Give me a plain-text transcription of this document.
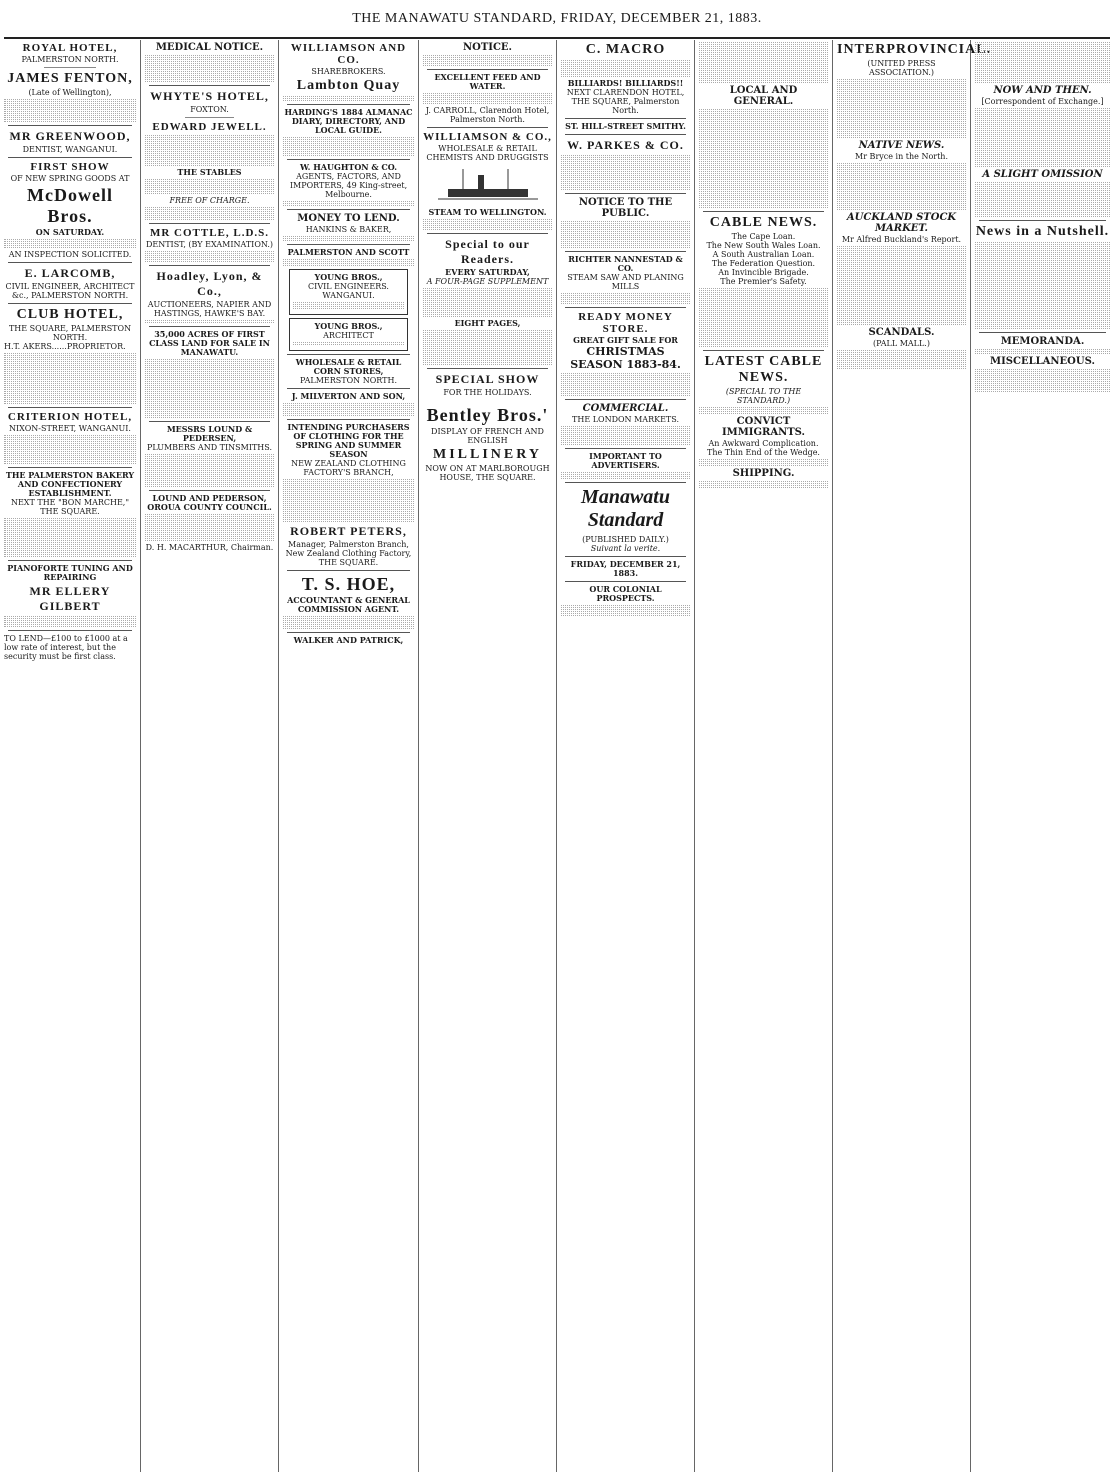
THE MANAWATU STANDARD, FRIDAY, DECEMBER 21, 1883.
ROYAL HOTEL,
PALMERSTON NORTH.
JAMES FENTON,
(Late of Wellington),
MR GREENWOOD,
DENTIST, WANGANUI.
FIRST SHOW
OF NEW SPRING GOODS AT
McDowell Bros.
ON SATURDAY.
AN INSPECTION SOLICITED.
E. LARCOMB,
CIVIL ENGINEER, ARCHITECT &c., PALMERSTON NORTH.
CLUB HOTEL,
THE SQUARE, PALMERSTON NORTH.
H.T. AKERS......PROPRIETOR.
CRITERION HOTEL,
NIXON-STREET, WANGANUI.
THE PALMERSTON BAKERY AND CONFECTIONERY ESTABLISHMENT.
NEXT THE "BON MARCHE," THE SQUARE.
PIANOFORTE TUNING AND REPAIRING
MR ELLERY GILBERT
TO LEND—£100 to £1000 at a low rate of interest, but the security must be first class.
MEDICAL NOTICE.
WHYTE'S HOTEL,
FOXTON.
EDWARD JEWELL.
THE STABLES
FREE OF CHARGE.
MR COTTLE, L.D.S.
DENTIST, (BY EXAMINATION.)
Hoadley, Lyon, & Co.,
AUCTIONEERS, NAPIER AND HASTINGS, HAWKE'S BAY.
35,000 ACRES OF FIRST CLASS LAND FOR SALE IN MANAWATU.
MESSRS LOUND & PEDERSEN,
PLUMBERS AND TINSMITHS.
LOUND AND PEDERSON,
OROUA COUNTY COUNCIL.
D. H. MACARTHUR, Chairman.
WILLIAMSON AND CO.
SHAREBROKERS.
Lambton Quay
HARDING'S 1884 ALMANAC DIARY, DIRECTORY, AND LOCAL GUIDE.
W. HAUGHTON & CO.
AGENTS, FACTORS, AND IMPORTERS, 49 King-street, Melbourne.
MONEY TO LEND.
HANKINS & BAKER,
PALMERSTON AND SCOTT
YOUNG BROS.,
CIVIL ENGINEERS. WANGANUI.
YOUNG BROS.,
ARCHITECT
WHOLESALE & RETAIL CORN STORES,
PALMERSTON NORTH.
J. MILVERTON AND SON,
INTENDING PURCHASERS OF CLOTHING FOR THE SPRING AND SUMMER SEASON
NEW ZEALAND CLOTHING FACTORY'S BRANCH,
ROBERT PETERS,
Manager, Palmerston Branch, New Zealand Clothing Factory, THE SQUARE.
T. S. HOE,
ACCOUNTANT & GENERAL COMMISSION AGENT.
WALKER AND PATRICK,
NOTICE.
EXCELLENT FEED AND WATER.
J. CARROLL, Clarendon Hotel, Palmerston North.
WILLIAMSON & CO.,
WHOLESALE & RETAIL CHEMISTS AND DRUGGISTS
STEAM TO WELLINGTON.
Special to our Readers.
EVERY SATURDAY,
A FOUR-PAGE SUPPLEMENT
EIGHT PAGES,
SPECIAL SHOW
FOR THE HOLIDAYS.
Bentley Bros.'
DISPLAY OF FRENCH AND ENGLISH
MILLINERY
NOW ON AT MARLBOROUGH HOUSE, THE SQUARE.
C. MACRO
BILLIARDS! BILLIARDS!!
NEXT CLARENDON HOTEL, THE SQUARE, Palmerston North.
ST. HILL-STREET SMITHY.
W. PARKES & CO.
NOTICE TO THE PUBLIC.
RICHTER NANNESTAD & CO.
STEAM SAW AND PLANING MILLS
READY MONEY STORE.
GREAT GIFT SALE FOR
CHRISTMAS SEASON 1883-84.
COMMERCIAL.
THE LONDON MARKETS.
IMPORTANT TO ADVERTISERS.
Manawatu Standard
(PUBLISHED DAILY.)
Suivant la verite.
FRIDAY, DECEMBER 21, 1883.
OUR COLONIAL PROSPECTS.
LOCAL AND GENERAL.
CABLE NEWS.
The Cape Loan.
The New South Wales Loan.
A South Australian Loan.
The Federation Question.
An Invincible Brigade.
The Premier's Safety.
LATEST CABLE NEWS.
(SPECIAL TO THE STANDARD.)
CONVICT IMMIGRANTS.
An Awkward Complication.
The Thin End of the Wedge.
SHIPPING.
INTERPROVINCIAL.
(UNITED PRESS ASSOCIATION.)
NATIVE NEWS.
Mr Bryce in the North.
AUCKLAND STOCK MARKET.
Mr Alfred Buckland's Report.
SCANDALS.
(PALL MALL.)
NOW AND THEN.
[Correspondent of Exchange.]
A SLIGHT OMISSION
News in a Nutshell.
MEMORANDA.
MISCELLANEOUS.
